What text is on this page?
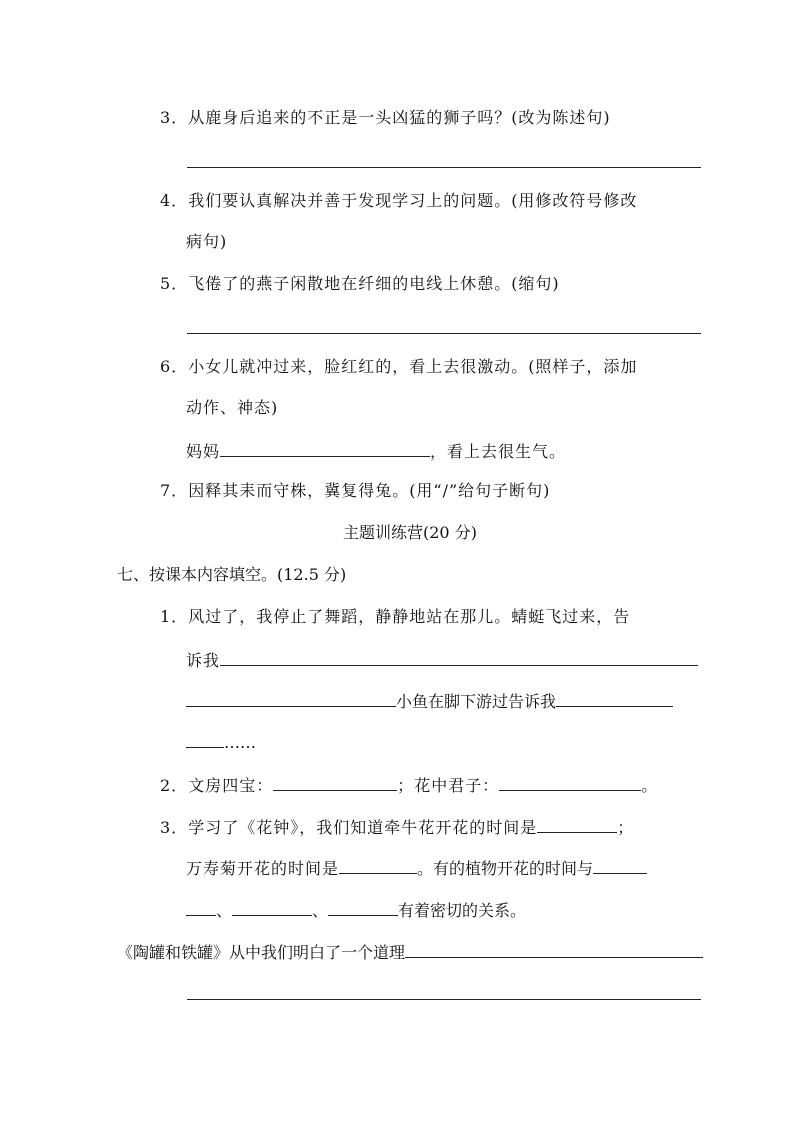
3．从鹿身后追来的不正是一头凶猛的狮子吗？(改为陈述句)
4．我们要认真解决并善于发现学习上的问题。(用修改符号修改
病句)
5．飞倦了的燕子闲散地在纤细的电线上休憩。(缩句)
6．小女儿就冲过来，脸红红的，看上去很激动。(照样子，添加
动作、神态)
妈妈	，看上去很生气。
7．因释其耒而守株，冀复得兔。(用“/”给句子断句)
主题训练营(20 分)
七、按课本内容填空。(12.5 分)
1．风过了，我停止了舞蹈，静静地站在那儿。蜻蜓飞过来，告
诉我
小鱼在脚下游过告诉我
……
2．文房四宝：	；花中君子：	。
3．学习了《花钟》，我们知道牵牛花开花的时间是	；
万寿菊开花的时间是	。有的植物开花的时间与
、	、	有着密切的关系。
《陶罐和铁罐》从中我们明白了一个道理
